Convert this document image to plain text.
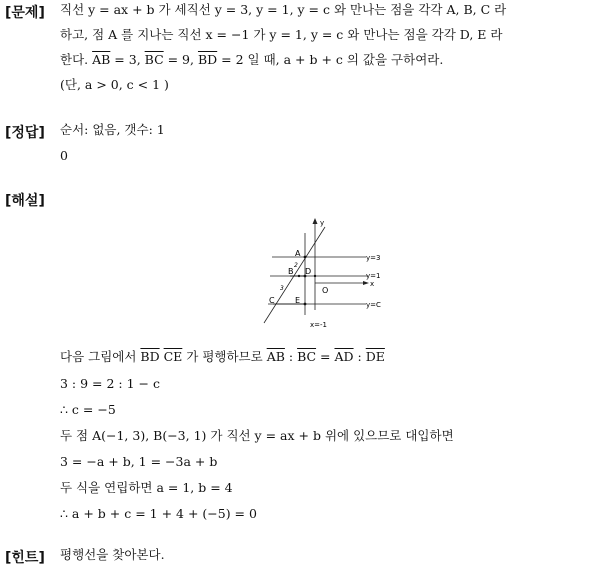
[문제]
[정답]
[해설]
[힌트]
직선 y = ax + b 가 세직선 y = 3, y = 1, y = c 와 만나는 점을 각각 A, B, C 라
하고, 점 A 를 지나는 직선 x = −1 가 y = 1, y = c 와 만나는 점을 각각 D, E 라
한다. $\overline{AB} = 3$, $\overline{BC} = 9$, $\overline{BD} = 2$ 일 때, a + b + c 의 값을 구하여라.
(단, a > 0, c < 1 )
순서: 없음, 갯수: 1
0
y
x
y=3
y=1
y=C
x=-1
A
B D
C	E
O
2
3
다음 그림에서 $\overline{BD}$ $\overline{CE}$ 가 평행하므로 $\overline{AB}$ : $\overline{BC} = \overline{AD}$ : $\overline{DE}$
3 : 9 = 2 : 1 − c
∴ c = −5
두 점 A(−1, 3), B(−3, 1) 가 직선 y = ax + b 위에 있으므로 대입하면
3 = −a + b, 1 = −3a + b
두 식을 연립하면 a = 1, b = 4
∴ a + b + c = 1 + 4 + (−5) = 0
평행선을 찾아본다.
